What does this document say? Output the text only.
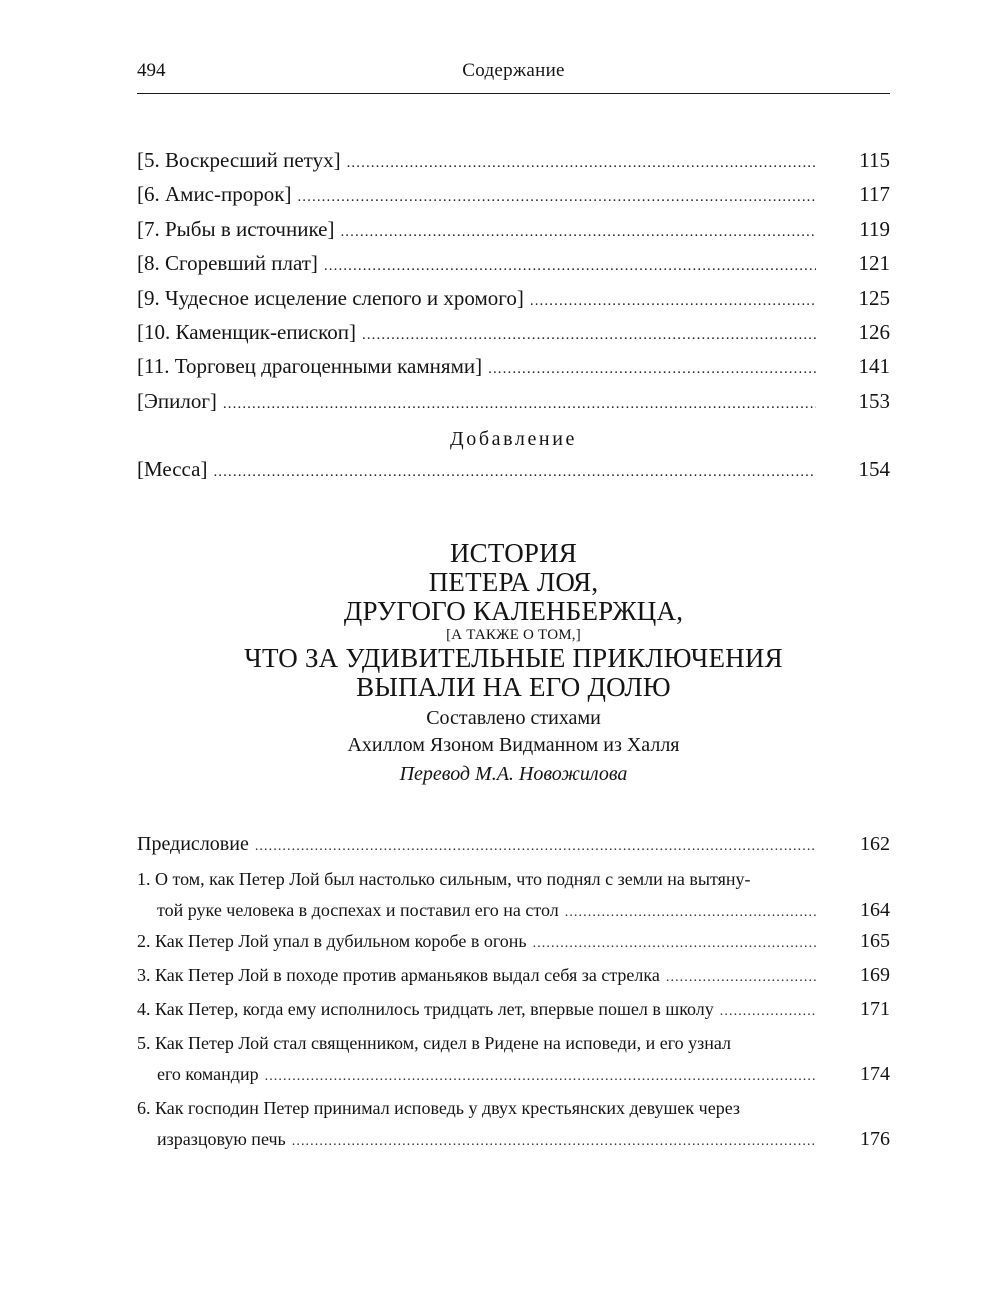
494	Содержание
[5. Воскресший петух] .....	115
[6. Амис-пророк] .....	117
[7. Рыбы в источнике] .....	119
[8. Сгоревший плат] .....	121
[9. Чудесное исцеление слепого и хромого] .....	125
[10. Каменщик-епископ] .....	126
[11. Торговец драгоценными камнями] .....	141
[Эпилог] .....	153
Добавление
[Месса] .....	154
ИСТОРИЯ
ПЕТЕРА ЛОЯ,
ДРУГОГО КАЛЕНБЕРЖЦА,
[А ТАКЖЕ О ТОМ,]
ЧТО ЗА УДИВИТЕЛЬНЫЕ ПРИКЛЮЧЕНИЯ
ВЫПАЛИ НА ЕГО ДОЛЮ
Составлено стихами
Ахиллом Язоном Видманном из Халля
Перевод М.А. Новожилова
Предисловие .....	162
1. О том, как Петер Лой был настолько сильным, что поднял с земли на вытяну-
той руке человека в доспехах и поставил его на стол .....	164
2. Как Петер Лой упал в дубильном коробе в огонь .....	165
3. Как Петер Лой в походе против арманьяков выдал себя за стрелка .....	169
4. Как Петер, когда ему исполнилось тридцать лет, впервые пошел в школу .....	171
5. Как Петер Лой стал священником, сидел в Ридене на исповеди, и его узнал
его командир .....	174
6. Как господин Петер принимал исповедь у двух крестьянских девушек через
изразцовую печь .....	176
